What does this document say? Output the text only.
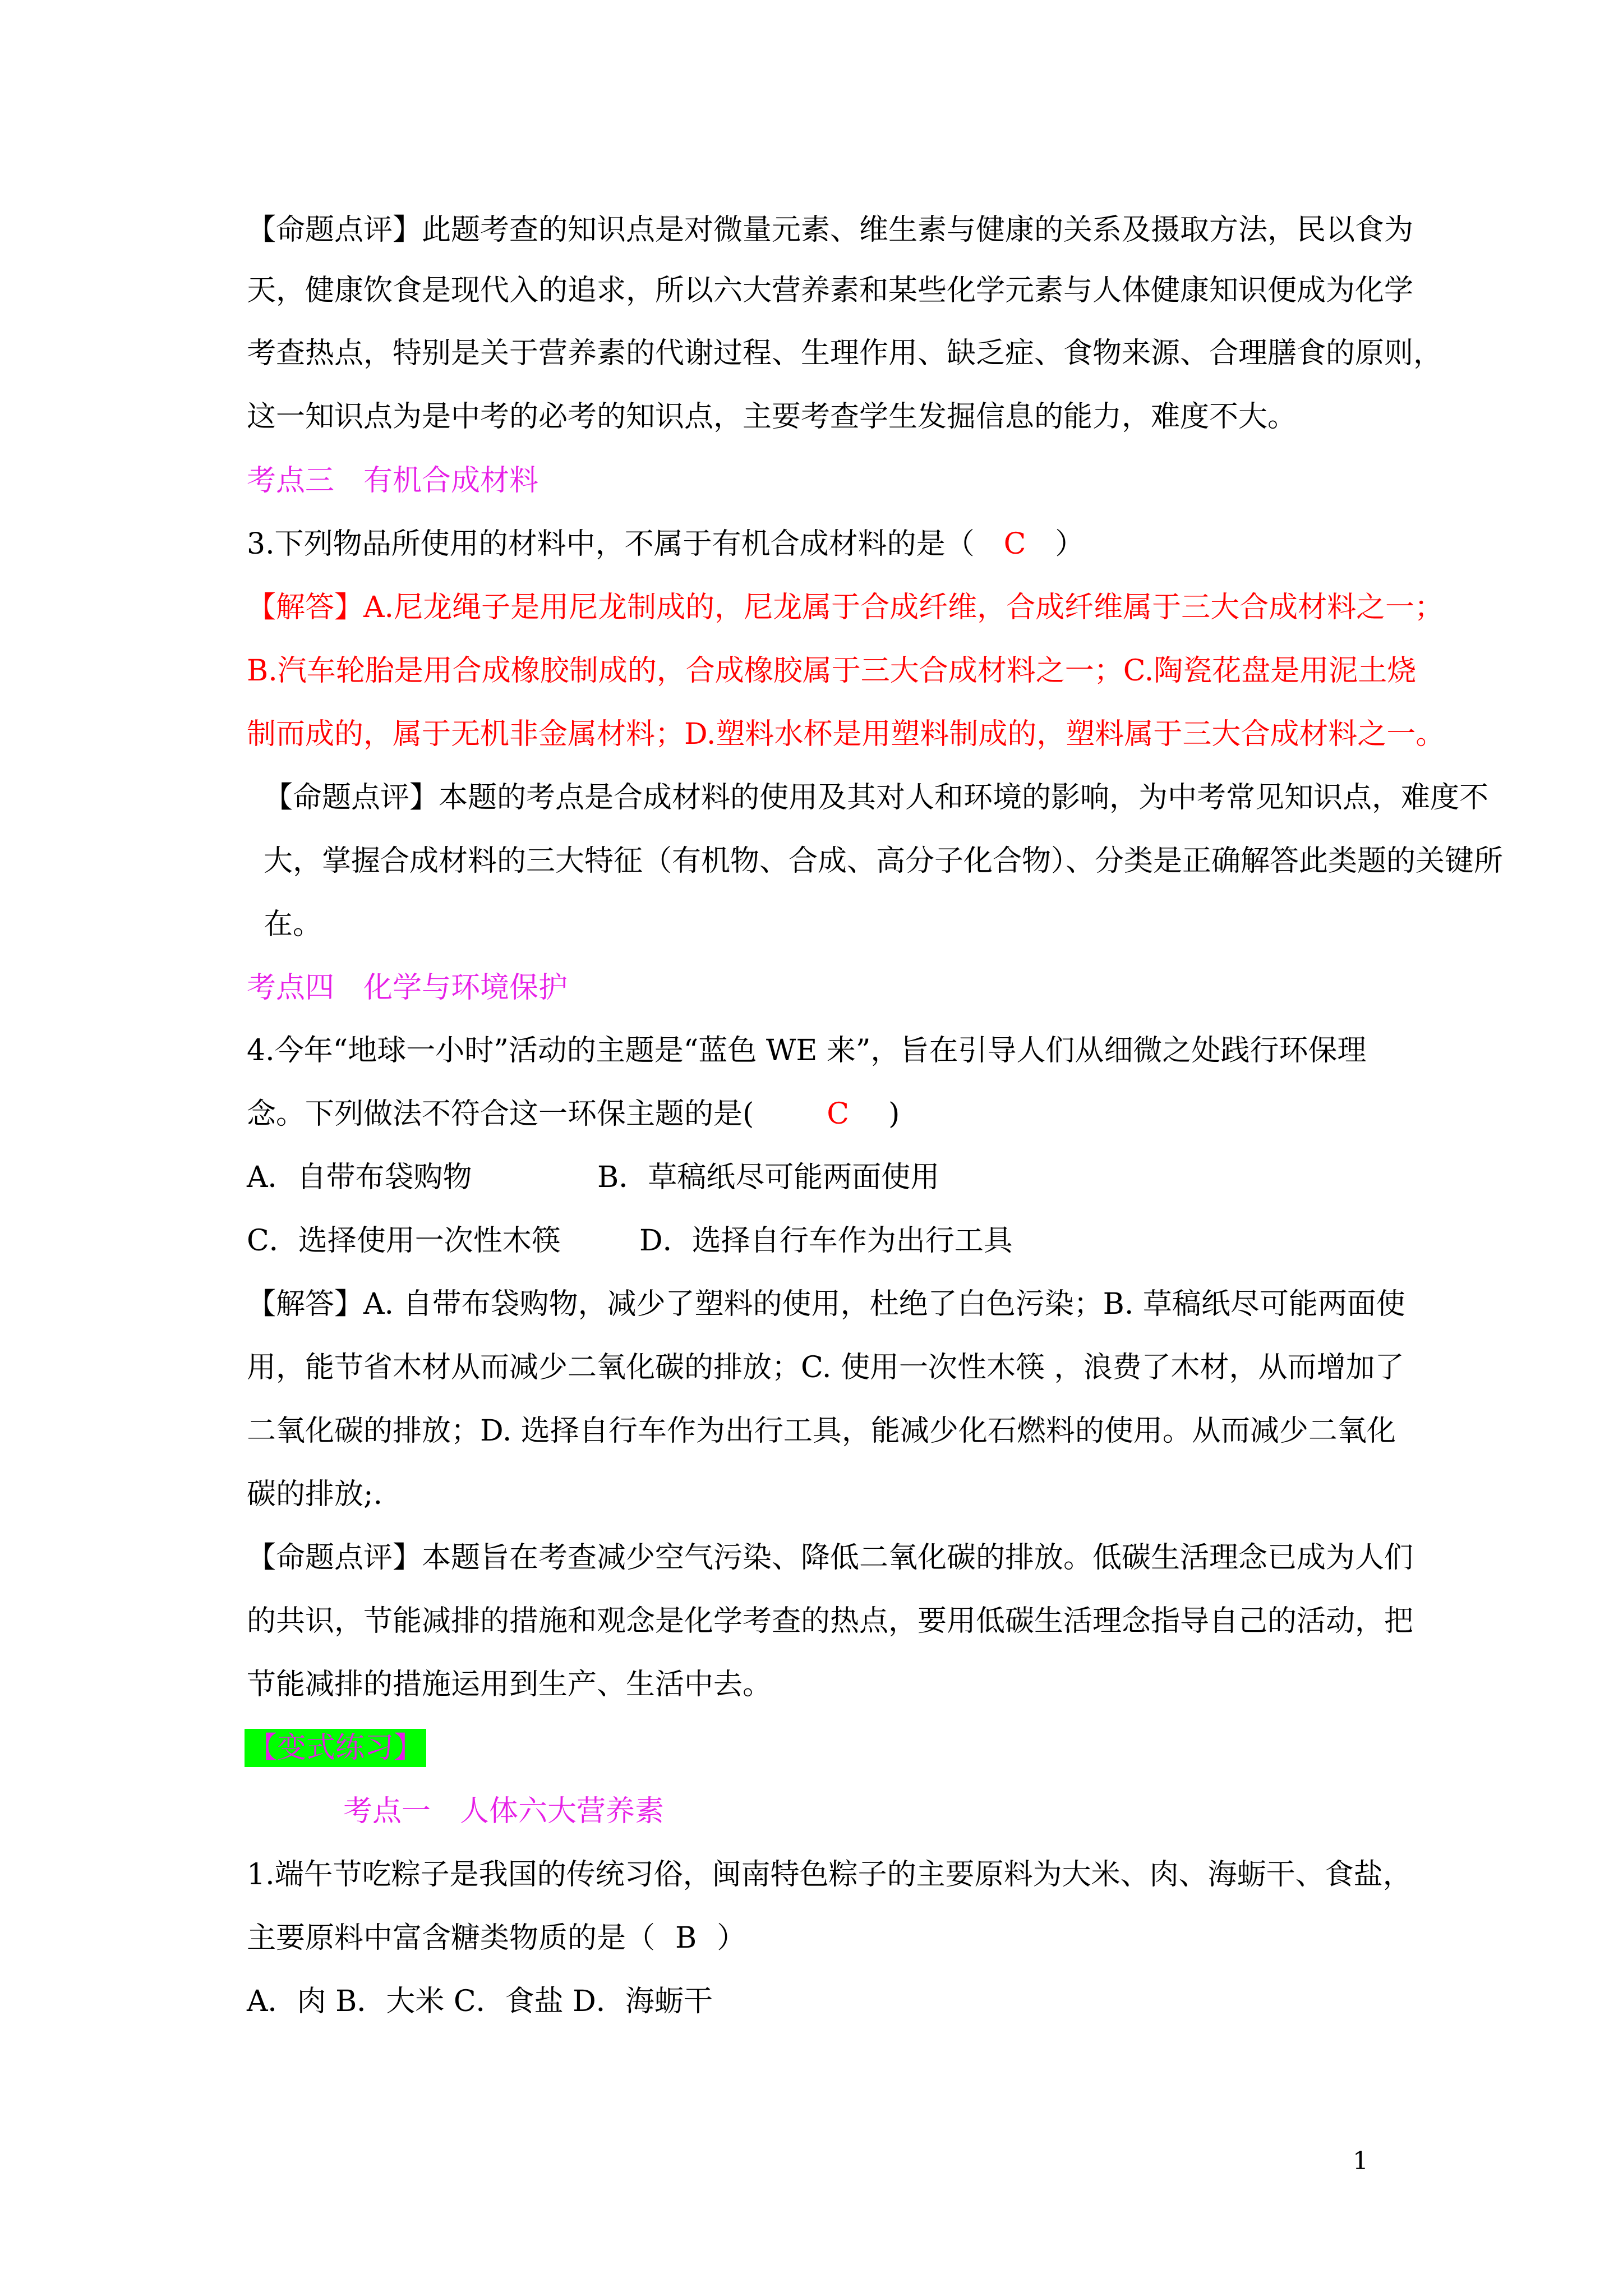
【命题点评】此题考查的知识点是对微量元素、维生素与健康的关系及摄取方法，民以食为
天，健康饮食是现代入的追求，所以六大营养素和某些化学元素与人体健康知识便成为化学
考查热点，特别是关于营养素的代谢过程、生理作用、缺乏症、食物来源、合理膳食的原则，
这一知识点为是中考的必考的知识点，主要考查学生发掘信息的能力，难度不大。
考点三　有机合成材料
3.下列物品所使用的材料中，不属于有机合成材料的是（　C　）
【解答】A.尼龙绳子是用尼龙制成的，尼龙属于合成纤维，合成纤维属于三大合成材料之一；
B.汽车轮胎是用合成橡胶制成的，合成橡胶属于三大合成材料之一；C.陶瓷花盘是用泥土烧
制而成的，属于无机非金属材料；D.塑料水杯是用塑料制成的，塑料属于三大合成材料之一。
【命题点评】本题的考点是合成材料的使用及其对人和环境的影响，为中考常见知识点，难度不
大，掌握合成材料的三大特征（有机物、合成、高分子化合物）、分类是正确解答此类题的关键所
在。
考点四　化学与环境保护
4.今年“地球一小时”活动的主题是“蓝色 WE 来”，旨在引导人们从细微之处践行环保理
念。下列做法不符合这一环保主题的是(	C )
A．自带布袋购物	B．草稿纸尽可能两面使用
C．选择使用一次性木筷	D．选择自行车作为出行工具
【解答】A. 自带布袋购物，减少了塑料的使用，杜绝了白色污染；B. 草稿纸尽可能两面使
用，能节省木材从而减少二氧化碳的排放；C. 使用一次性木筷 ，浪费了木材，从而增加了
二氧化碳的排放；D. 选择自行车作为出行工具，能减少化石燃料的使用。从而减少二氧化
碳的排放;.
【命题点评】本题旨在考查减少空气污染、降低二氧化碳的排放。低碳生活理念已成为人们
的共识，节能减排的措施和观念是化学考查的热点，要用低碳生活理念指导自己的活动，把
节能减排的措施运用到生产、生活中去。
【变式练习】
考点一　人体六大营养素
1.端午节吃粽子是我国的传统习俗，闽南特色粽子的主要原料为大米、肉、海蛎干、食盐，
主要原料中富含糖类物质的是（ B ）
A．肉 B．大米 C．食盐 D．海蛎干
1
